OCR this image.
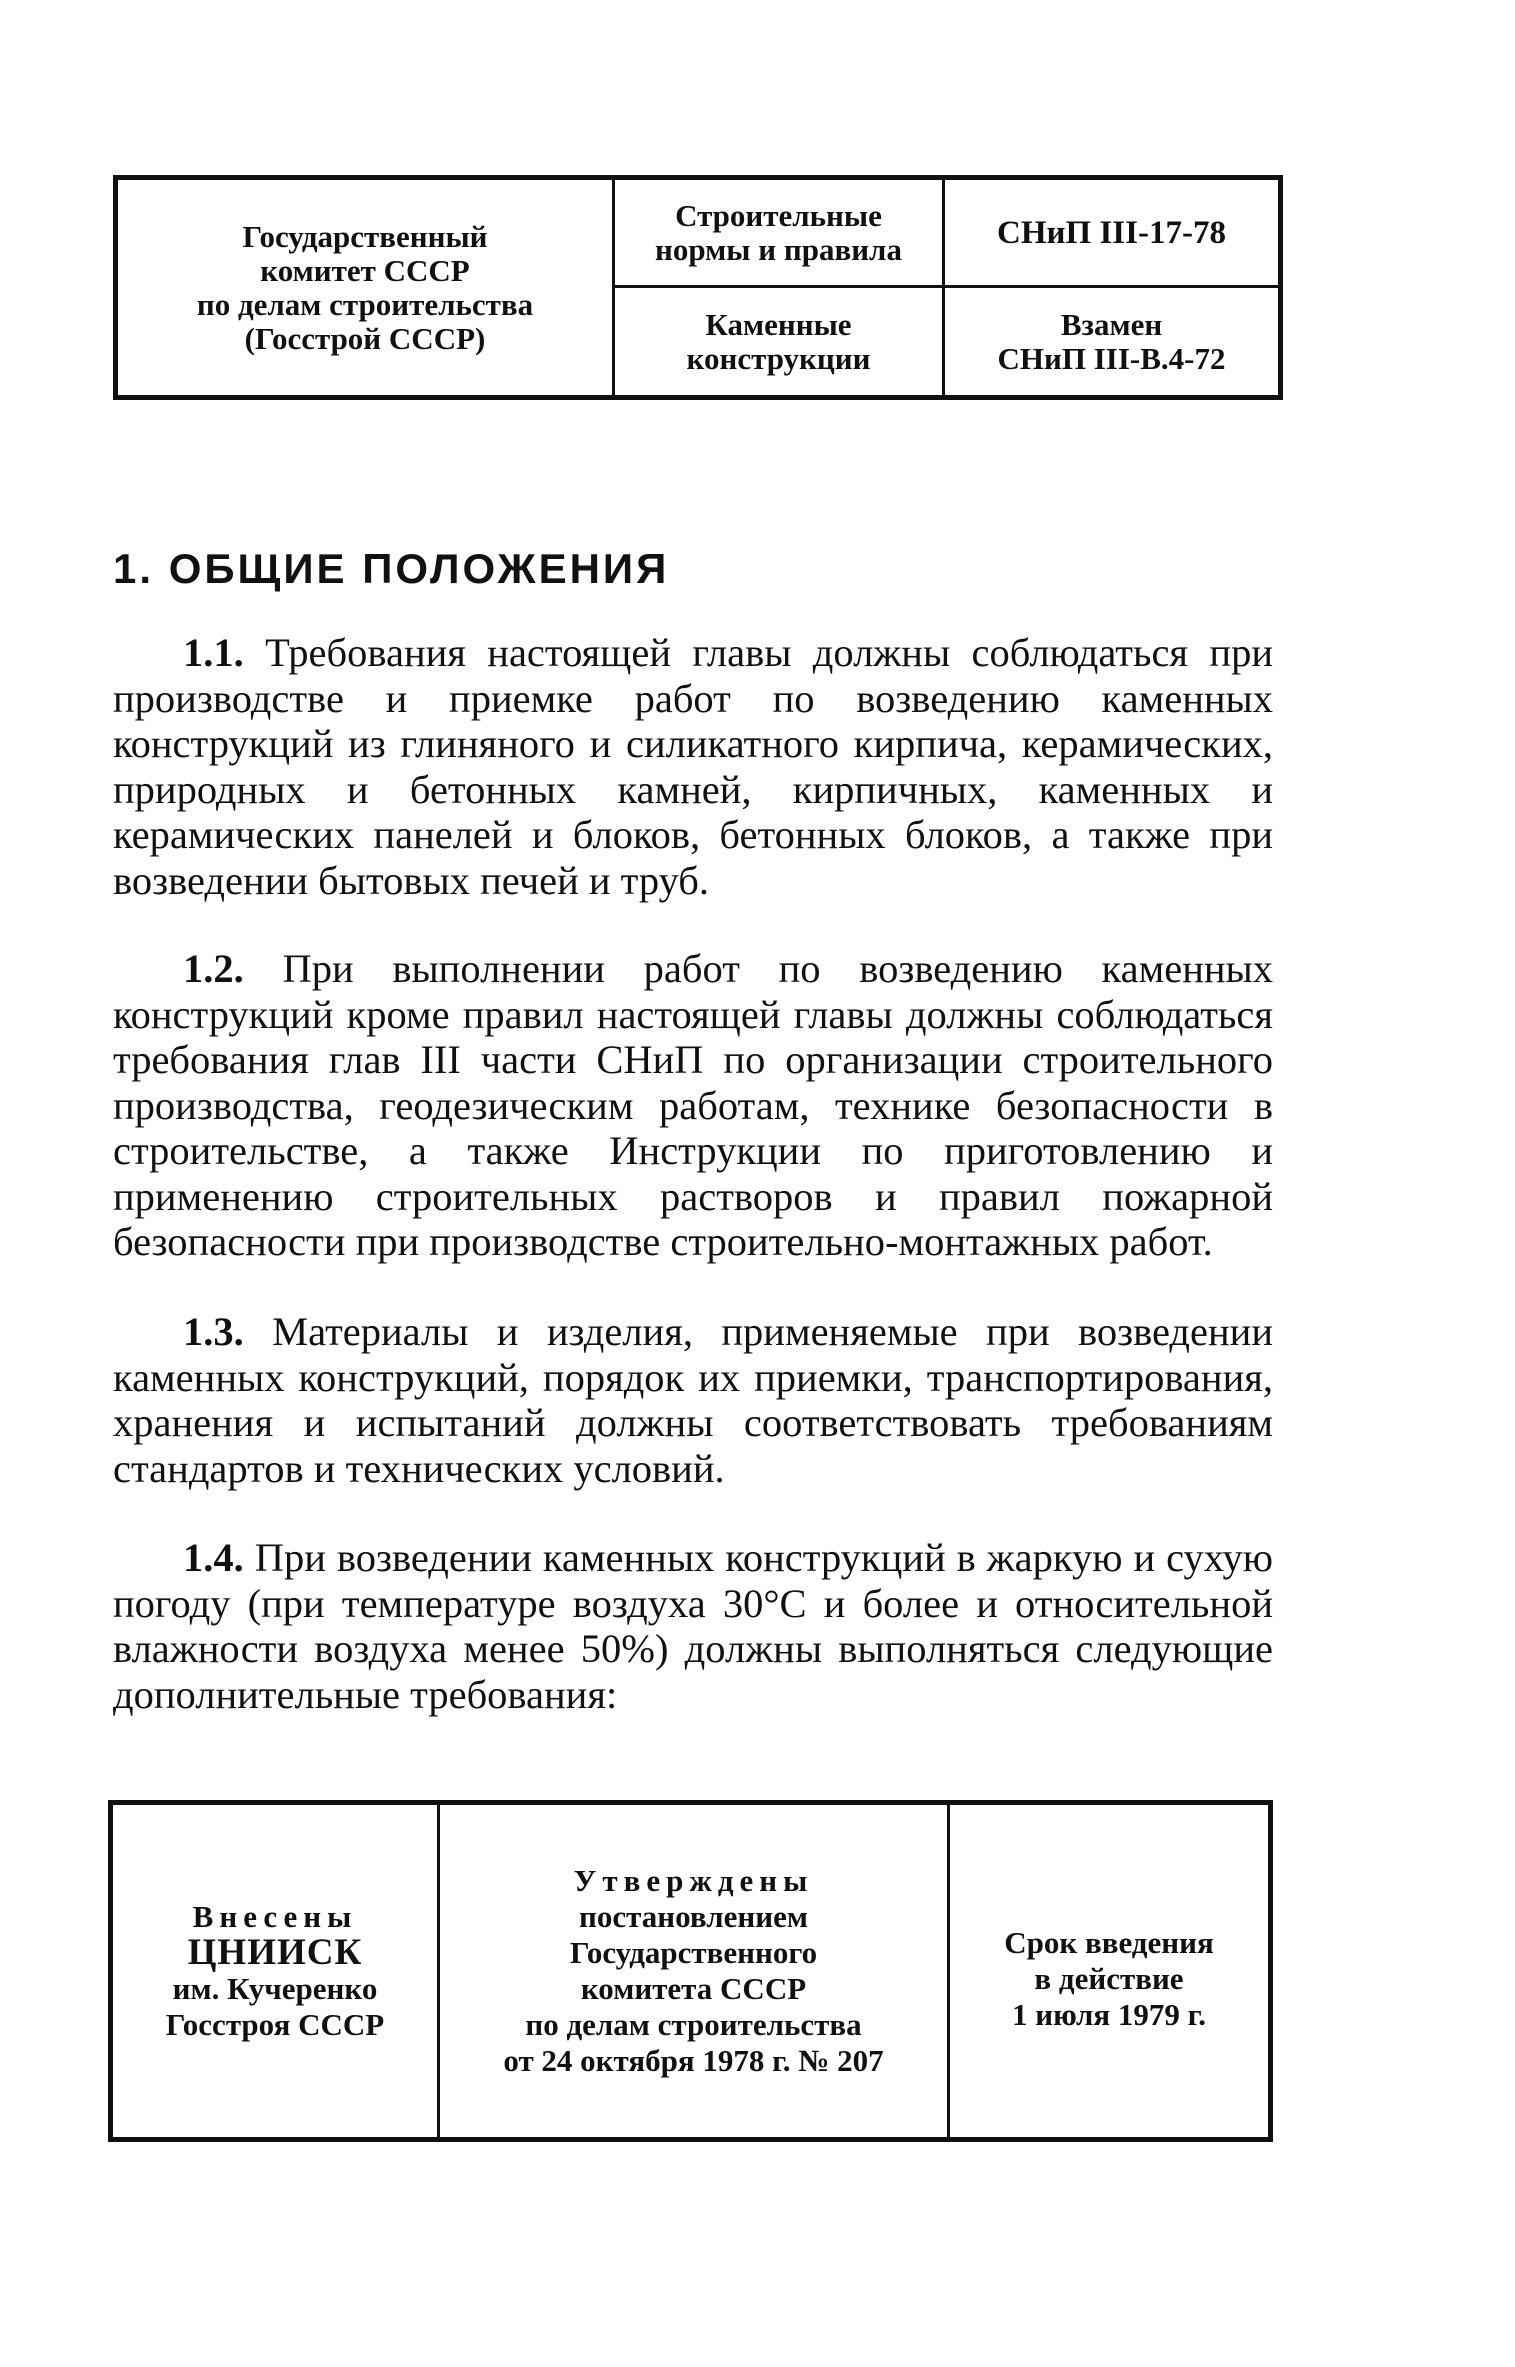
Государственный
комитет СССР
по делам строительства
(Госстрой СССР)
Строительные
нормы и правила
Каменные
конструкции
СНиП III-17-78
Взамен
СНиП III-В.4-72
1. ОБЩИЕ ПОЛОЖЕНИЯ

1.1. Требования настоящей главы должны соблюдаться при производстве и приемке работ по возведению каменных конструкций из глиняного и силикатного кирпича, керамических, природных и бетонных камней, кирпичных, каменных и керамических панелей и блоков, бетонных блоков, а также при возведении бытовых печей и труб.

1.2. При выполнении работ по возведению каменных конструкций кроме правил настоящей главы должны соблюдаться требования глав III части СНиП по организации строительного производства, геодезическим работам, технике безопасности в строительстве, а также Инструкции по приготовлению и применению строительных растворов и правил пожарной безопасности при производстве строительно-монтажных работ.

1.3. Материалы и изделия, применяемые при возведении каменных конструкций, порядок их приемки, транспортирования, хранения и испытаний должны соответствовать требованиям стандартов и технических условий.

1.4. При возведении каменных конструкций в жаркую и сухую погоду (при температуре воздуха 30°С и более и относительной влажности воздуха менее 50%) должны выполняться следующие дополнительные требования:

Внесены
ЦНИИСК
им. Кучеренко
Госстроя СССР
Утверждены
постановлением
Государственного
комитета СССР
по делам строительства
от 24 октября 1978 г. № 207
Срок введения
в действие
1 июля 1979 г.
